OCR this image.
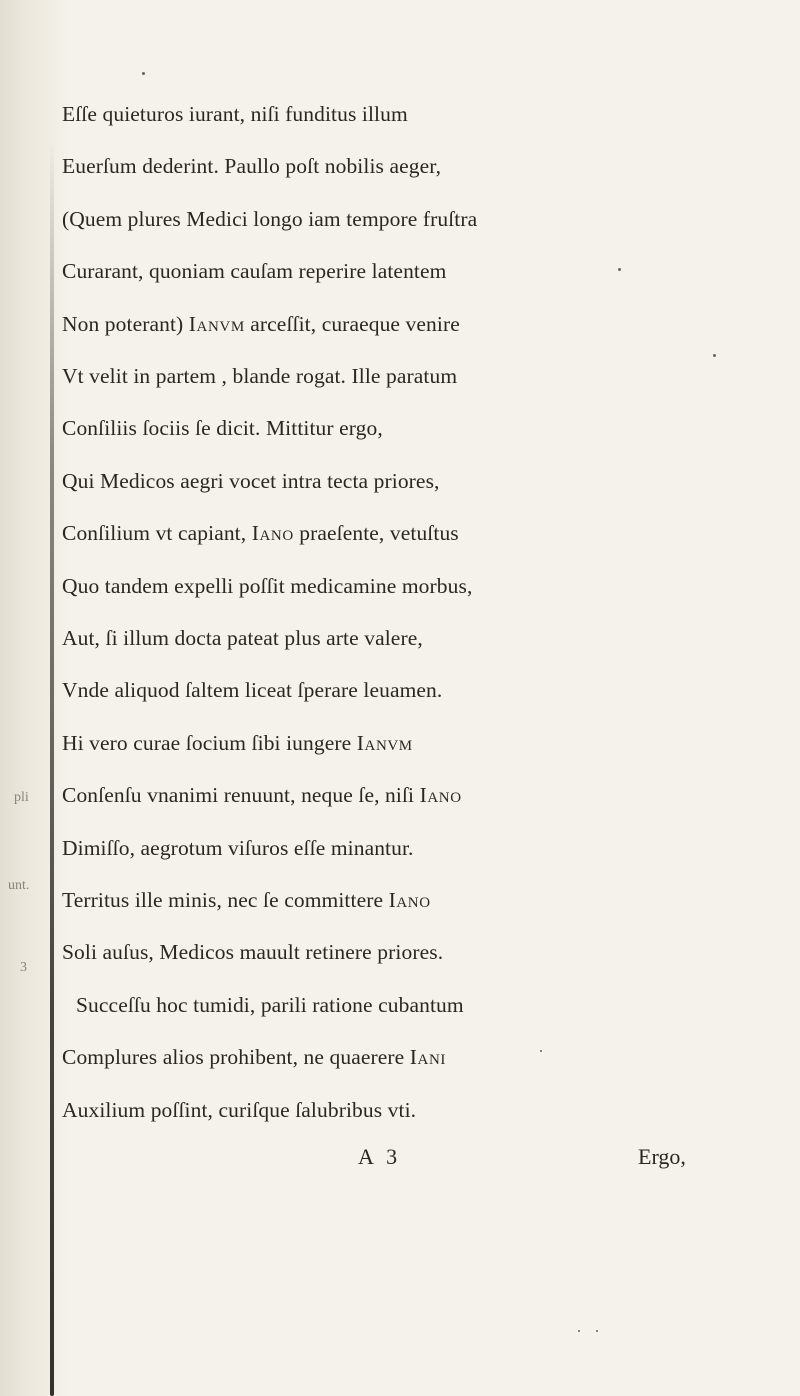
pli
unt.
3
Eſſe quieturos iurant, niſi funditus illum
Euerſum dederint. Paullo poſt nobilis aeger,
(Quem plures Medici longo iam tempore fruſtra
Curarant, quoniam cauſam reperire latentem
Non poterant) Ianvm arceſſit, curaeque venire
Vt velit in partem , blande rogat. Ille paratum
Conſiliis ſociis ſe dicit. Mittitur ergo,
Qui Medicos aegri vocet intra tecta priores,
Conſilium vt capiant, Iano praeſente, vetuſtus
Quo tandem expelli poſſit medicamine morbus,
Aut, ſi illum docta pateat plus arte valere,
Vnde aliquod ſaltem liceat ſperare leuamen.
Hi vero curae ſocium ſibi iungere Ianvm
Conſenſu vnanimi renuunt, neque ſe, niſi Iano
Dimiſſo, aegrotum viſuros eſſe minantur.
Territus ille minis, nec ſe committere Iano
Soli auſus, Medicos mauult retinere priores.
Succeſſu hoc tumidi, parili ratione cubantum
Complures alios prohibent, ne quaerere Iani
Auxilium poſſint, curiſque ſalubribus vti.
A 3	Ergo,
